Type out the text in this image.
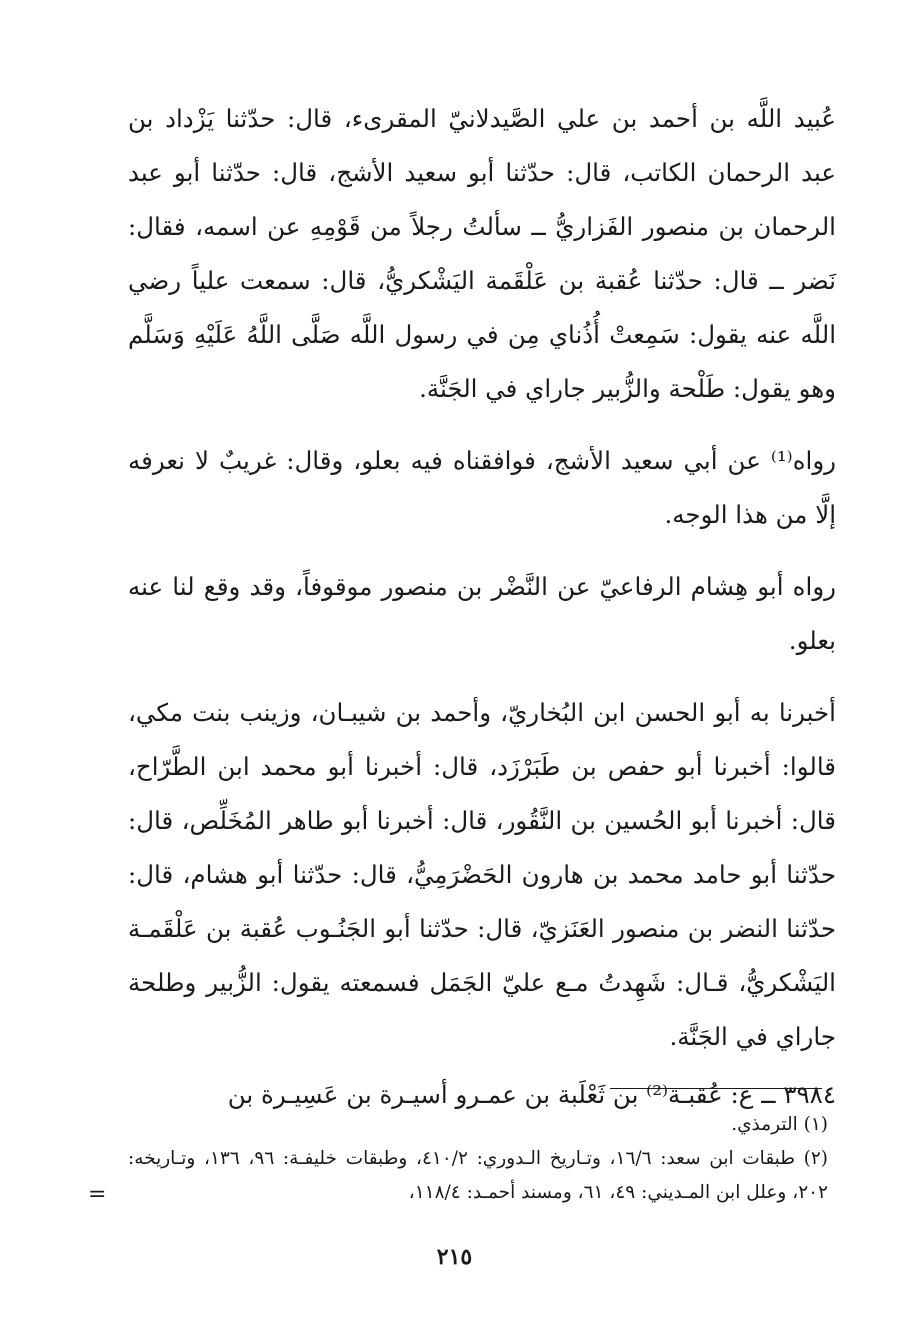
عُبيد اللَّه بن أحمد بن علي الصَّيدلانيّ المقرىء، قال: حدّثنا يَزْداد بن عبد الرحمان الكاتب، قال: حدّثنا أبو سعيد الأشج، قال: حدّثنا أبو عبد الرحمان بن منصور الفَزاريُّ ــ سألتُ رجلاً من قَوْمِهِ عن اسمه، فقال: نَضر ــ قال: حدّثنا عُقبة بن عَلْقَمة اليَشْكريُّ، قال: سمعت علياً رضي اللَّه عنه يقول: سَمِعتْ أُذُناي مِن في رسول اللَّه صَلَّى اللَّهُ عَلَيْهِ وَسَلَّم وهو يقول: طَلْحة والزُّبير جاراي في الجَنَّة.

رواه⁽¹⁾ عن أبي سعيد الأشج، فوافقناه فيه بعلو، وقال: غريبٌ لا نعرفه إلَّا من هذا الوجه.

رواه أبو هِشام الرفاعيّ عن النَّضْر بن منصور موقوفاً، وقد وقع لنا عنه بعلو.

أخبرنا به أبو الحسن ابن البُخاريّ، وأحمد بن شيبـان، وزينب بنت مكي، قالوا: أخبرنا أبو حفص بن طَبَرْزَد، قال: أخبرنا أبو محمد ابن الطَّرّاح، قال: أخبرنا أبو الحُسين بن النَّقُور، قال: أخبرنا أبو طاهر المُخَلِّص، قال: حدّثنا أبو حامد محمد بن هارون الحَضْرَمِيُّ، قال: حدّثنا أبو هشام، قال: حدّثنا النضر بن منصور العَنَزيّ، قال: حدّثنا أبو الجَنُـوب عُقبة بن عَلْقَمـة اليَشْكريُّ، قـال: شَهِدتُ مـع عليّ الجَمَل فسمعته يقول: الزُّبير وطلحة جاراي في الجَنَّة.

٣٩٨٤ ــ ع: عُقبـة⁽²⁾ بن ثَعْلَبة بن عمـرو أسيـرة بن عَسِيـرة بن

(١) الترمذي.

(٢) طبقات ابن سعد: ١٦/٦، وتـاريخ الـدوري: ٤١٠/٢، وطبقات خليفـة: ٩٦، ١٣٦، وتـاريخه: ٢٠٢، وعلل ابن المـديني: ٤٩، ٦١، ومسند أحمـد: ١١٨/٤،

=
٢١٥
